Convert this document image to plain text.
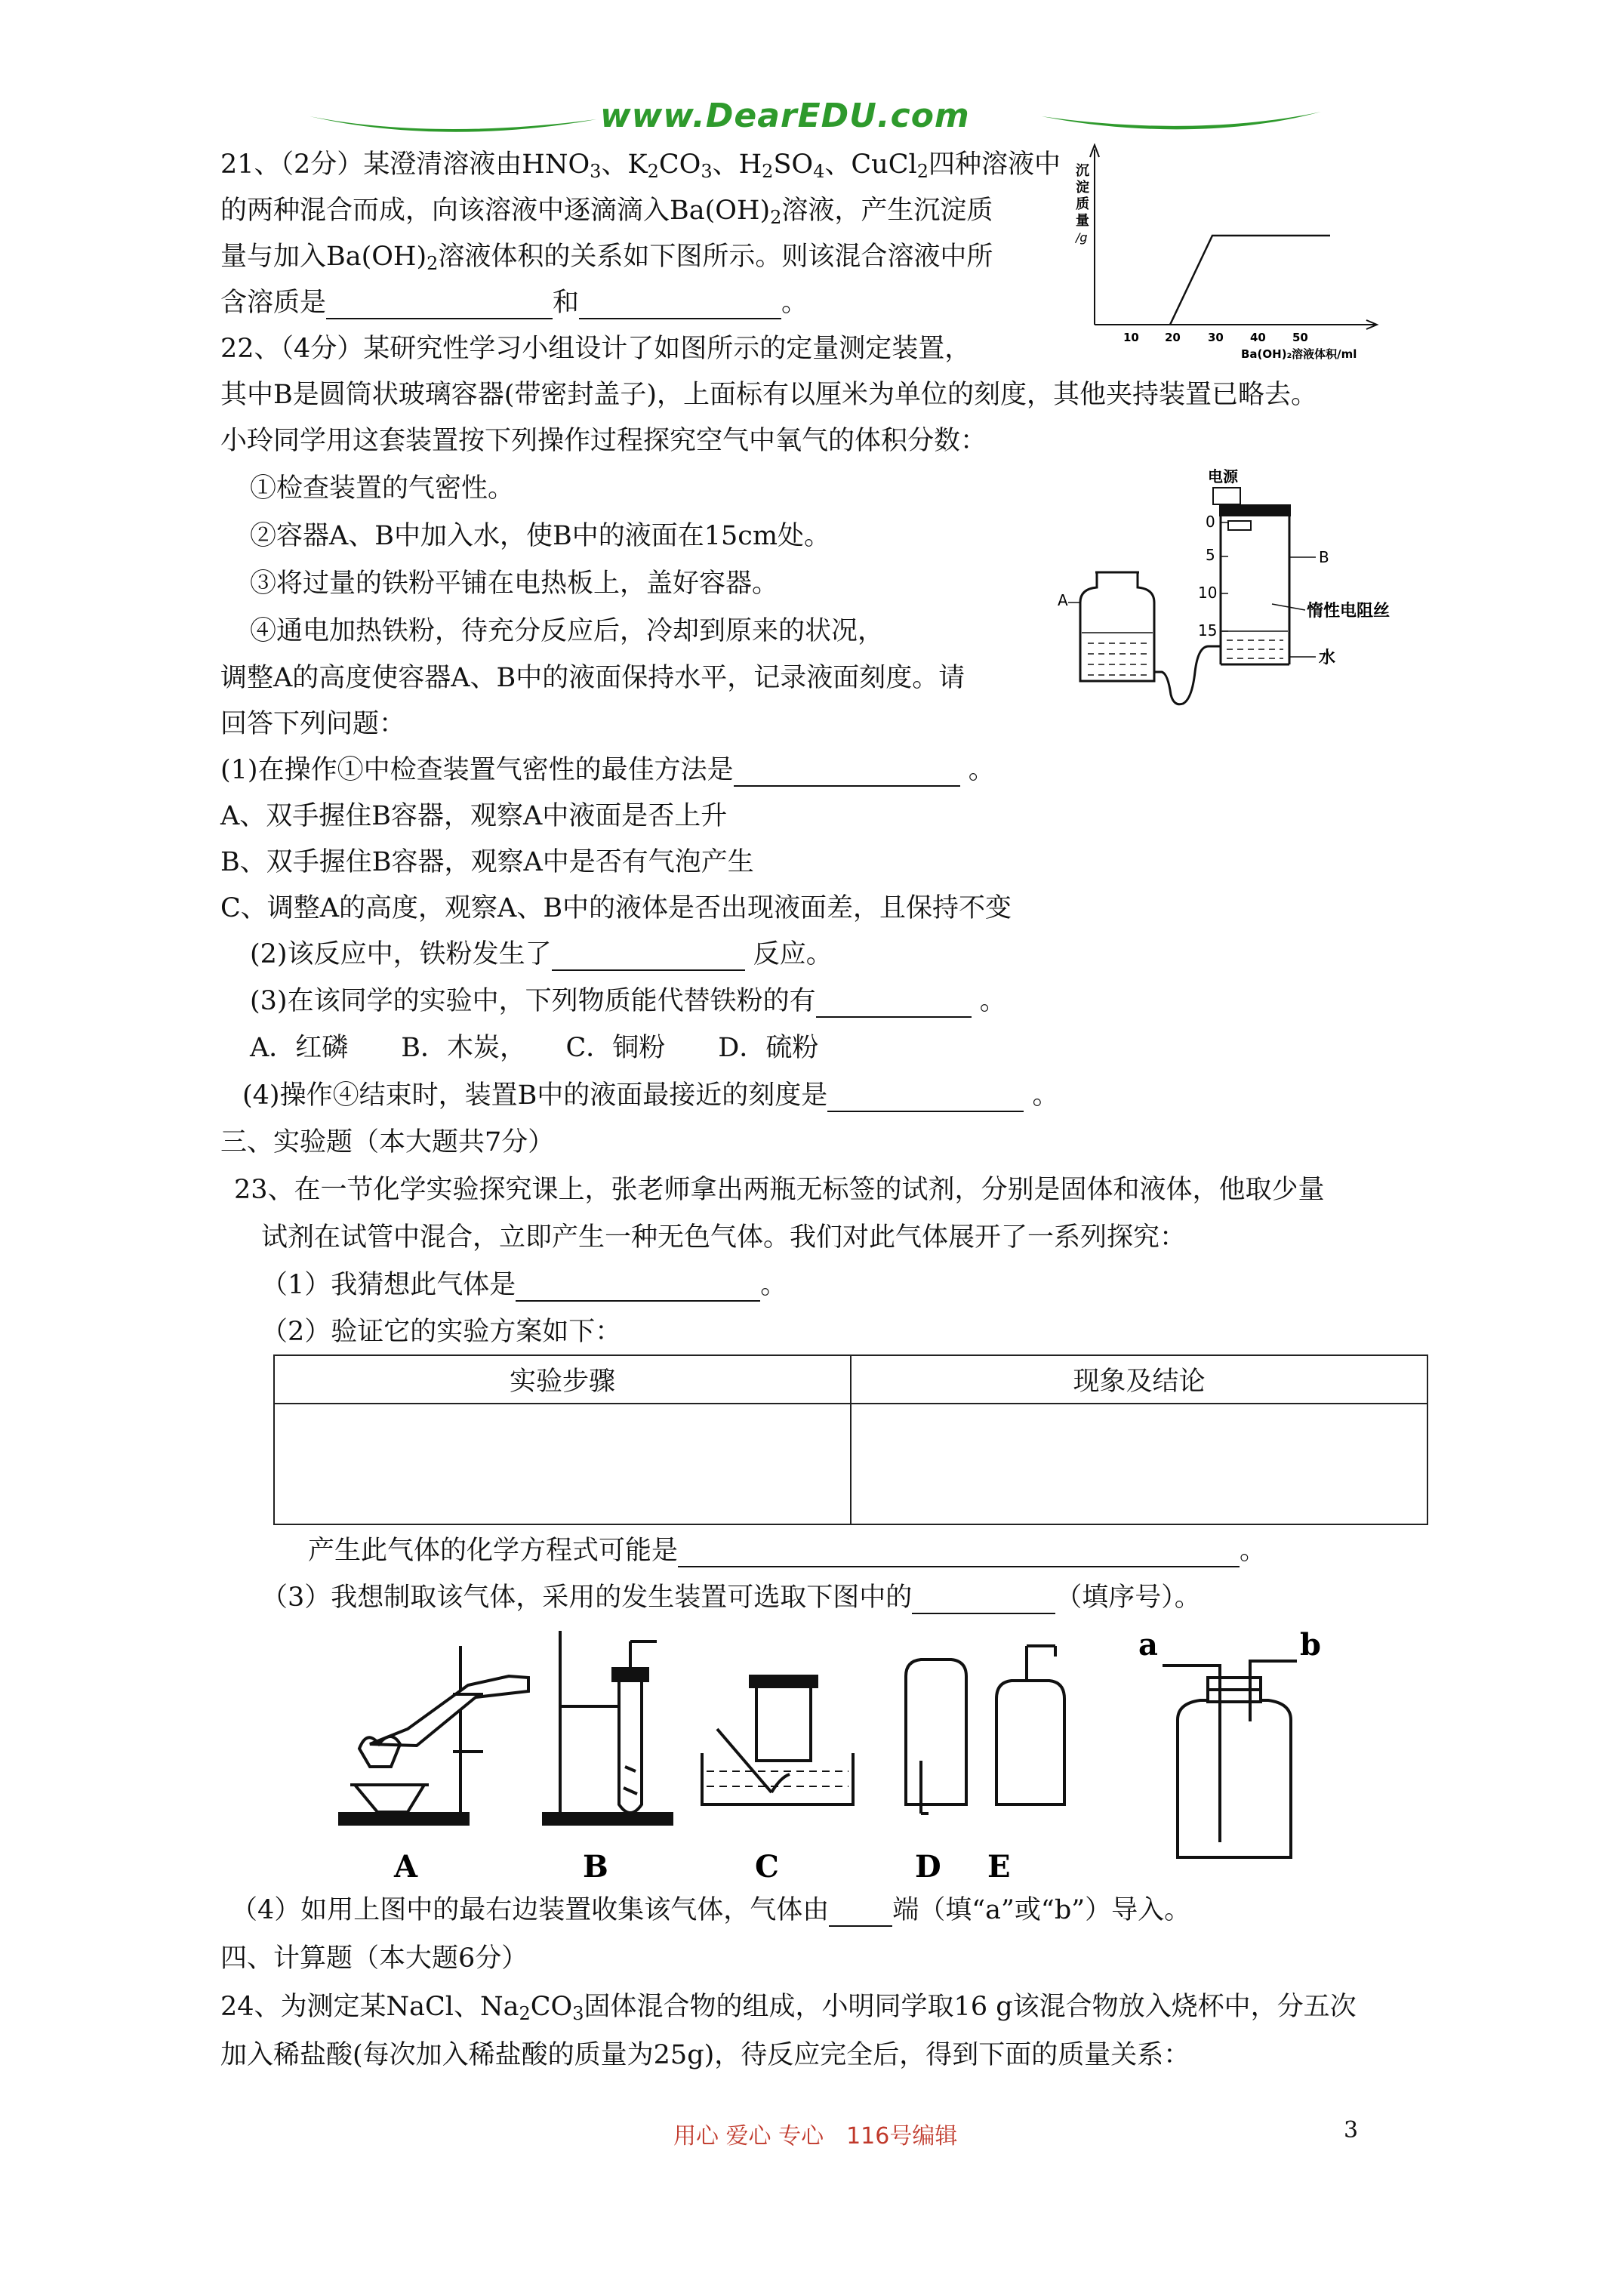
www.DearEDU.com
21、（2分）某澄清溶液由$HNO_3$、$K_2CO_3$、$H_2SO_4$、CuCl$_2$四种溶液中
的两种混合而成，向该溶液中逐滴滴入$Ba(OH)_2$溶液，产生沉淀质
量与加入$Ba(OH)_2$溶液体积的关系如下图所示。则该混合溶液中所
含溶质是	和	。
沉
淀
质
量
/g
10 20 30 40 50
Ba(OH)₂溶液体积/ml
22、（4分）某研究性学习小组设计了如图所示的定量测定装置，
其中B是圆筒状玻璃容器(带密封盖子)，上面标有以厘米为单位的刻度，其他夹持装置已略去。
小玲同学用这套装置按下列操作过程探究空气中氧气的体积分数：
①检查装置的气密性。
②容器A、B中加入水，使B中的液面在15cm处。
③将过量的铁粉平铺在电热板上，盖好容器。
④通电加热铁粉，待充分反应后，冷却到原来的状况，
调整A的高度使容器A、B中的液面保持水平，记录液面刻度。请
回答下列问题：
电源
0
5
10
15
B
惰性电阻丝
水
A
(1)在操作①中检查装置气密性的最佳方法是	。
A、双手握住B容器，观察A中液面是否上升
B、双手握住B容器，观察A中是否有气泡产生
C、调整A的高度，观察A、B中的液体是否出现液面差，且保持不变
(2)该反应中，铁粉发生了	反应。
(3)在该同学的实验中，下列物质能代替铁粉的有	。
A．红磷　　B．木炭，　　C．铜粉　　D．硫粉
(4)操作④结束时，装置B中的液面最接近的刻度是	。
三、实验题（本大题共7分）
23、在一节化学实验探究课上，张老师拿出两瓶无标签的试剂，分别是固体和液体，他取少量
试剂在试管中混合，立即产生一种无色气体。我们对此气体展开了一系列探究：
（1）我猜想此气体是	。
（2）验证它的实验方案如下：
实验步骤	现象及结论

产生此气体的化学方程式可能是	。
（3）我想制取该气体，采用的发生装置可选取下图中的	（填序号）。
a	b
A	B	C	D E
（4）如用上图中的最右边装置收集该气体，气体由 端（填“a”或“b”）导入。
四、计算题（本大题6分）
24、为测定某NaCl、$Na_2CO_3$固体混合物的组成，小明同学取16 g该混合物放入烧杯中，分五次
加入稀盐酸(每次加入稀盐酸的质量为25g)，待反应完全后，得到下面的质量关系：
用心 爱心 专心　116号编辑	3
